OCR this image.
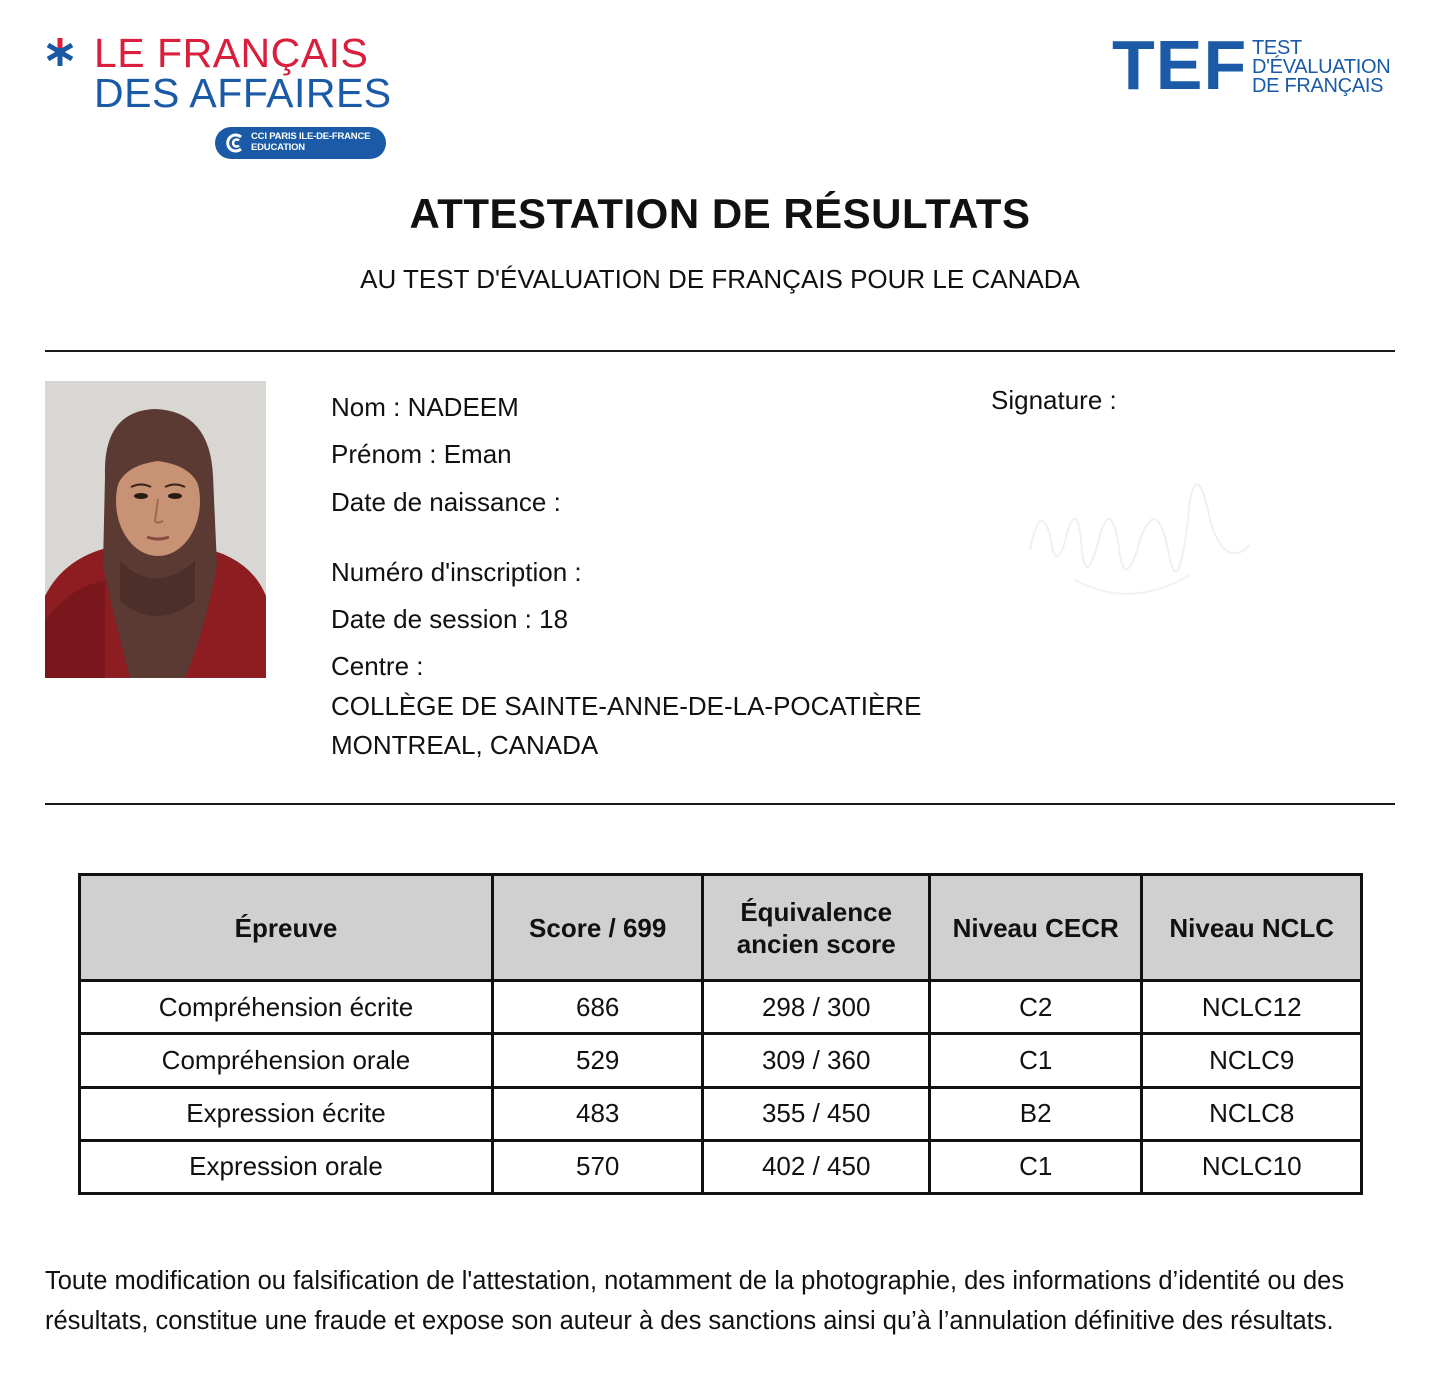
LE FRANÇAIS
DES AFFAIRES
CCI PARIS ILE-DE-FRANCE
EDUCATION
TEF TEST
D'ÉVALUATION
DE FRANÇAIS
ATTESTATION DE RÉSULTATS
AU TEST D'ÉVALUATION DE FRANÇAIS POUR LE CANADA
Nom : NADEEM
Prénom : Eman
Date de naissance :
Numéro d'inscription :
Date de session : 18
Centre :
COLLÈGE DE SAINTE-ANNE-DE-LA-POCATIÈRE
MONTREAL, CANADA
Signature :
Épreuve	Score / 699	Équivalence ancien score	Niveau CECR	Niveau NCLC
Compréhension écrite	686	298 / 300	C2	NCLC12
Compréhension orale	529	309 / 360	C1	NCLC9
Expression écrite	483	355 / 450	B2	NCLC8
Expression orale	570	402 / 450	C1	NCLC10
Toute modification ou falsification de l'attestation, notamment de la photographie, des informations d’identité ou des résultats, constitue une fraude et expose son auteur à des sanctions ainsi qu’à l’annulation définitive des résultats.
